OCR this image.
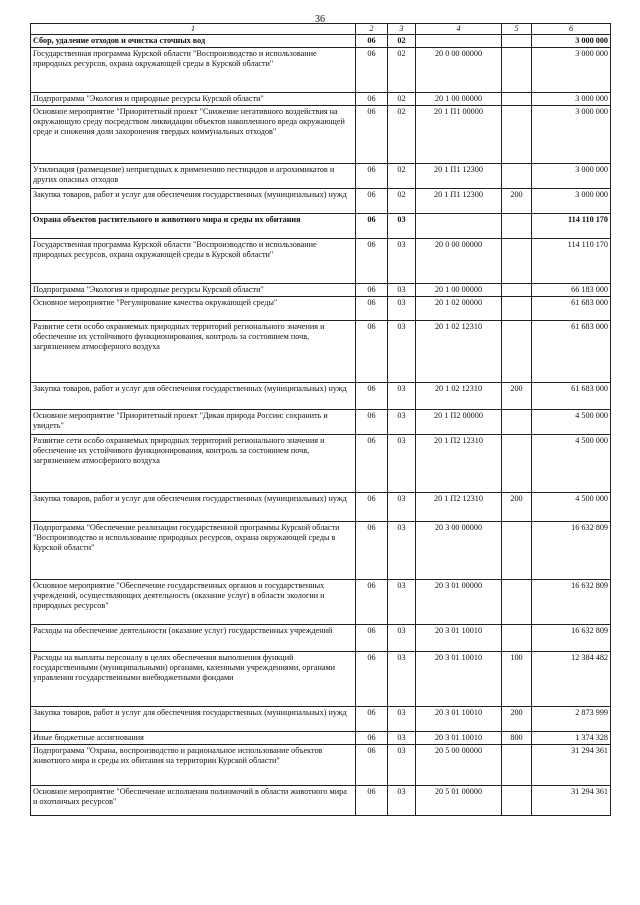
36
1	2	3	4	5	6
Сбор, удаление отходов и очистка сточных вод	06	02			3 000 000
Государственная программа Курской области "Воспроизводство и использование природных ресурсов, охрана окружающей среды в Курской области"	06	02	20 0 00 00000		3 000 000
Подпрограмма "Экология и природные ресурсы Курской области"	06	02	20 1 00 00000		3 000 000
Основное мероприятие "Приоритетный проект "Снижение негативного воздействия на окружающую среду посредством ликвидации объектов накопленного вреда окружающей среде и снижения доли захоронения твердых коммунальных отходов"	06	02	20 1 П1 00000		3 000 000
Утилизация (размещение) непригодных к применению пестицидов и агрохимикатов и других опасных отходов	06	02	20 1 П1 12300		3 000 000
Закупка товаров, работ и услуг для обеспечения государственных (муниципальных) нужд	06	02	20 1 П1 12300	200	3 000 000
Охрана объектов растительного и животного мира и среды их обитания	06	03			114 110 170
Государственная программа Курской области "Воспроизводство и использование природных ресурсов, охрана окружающей среды в Курской области"	06	03	20 0 00 00000		114 110 170
Подпрограмма "Экология и природные ресурсы Курской области"	06	03	20 1 00 00000		66 183 000
Основное мероприятие "Регулирование качества окружающей среды"	06	03	20 1 02 00000		61 683 000
Развитие сети особо охраняемых природных территорий регионального значения и обеспечение их устойчивого функционирования, контроль за состоянием почв, загрязнением атмосферного воздуха	06	03	20 1 02 12310		61 683 000
Закупка товаров, работ и услуг для обеспечения государственных (муниципальных) нужд	06	03	20 1 02 12310	200	61 683 000
Основное мероприятие "Приоритетный проект "Дикая природа России: сохранить и увидеть"	06	03	20 1 П2 00000		4 500 000
Развитие сети особо охраняемых природных территорий регионального значения и обеспечение их устойчивого функционирования, контроль за состоянием почв, загрязнением атмосферного воздуха	06	03	20 1 П2 12310		4 500 000
Закупка товаров, работ и услуг для обеспечения государственных (муниципальных) нужд	06	03	20 1 П2 12310	200	4 500 000
Подпрограмма "Обеспечение реализации государственной программы Курской области "Воспроизводство и использование природных ресурсов, охрана окружающей среды в Курской области"	06	03	20 3 00 00000		16 632 809
Основное мероприятие "Обеспечение государственных органов и государственных учреждений, осуществляющих деятельность (оказание услуг) в области экологии и природных ресурсов"	06	03	20 3 01 00000		16 632 809
Расходы на обеспечение деятельности (оказание услуг) государственных учреждений	06	03	20 3 01 10010		16 632 809
Расходы на выплаты персоналу в целях обеспечения выполнения функций государственными (муниципальными) органами, казенными учреждениями, органами управления государственными внебюджетными фондами	06	03	20 3 01 10010	100	12 384 482
Закупка товаров, работ и услуг для обеспечения государственных (муниципальных) нужд	06	03	20 3 01 10010	200	2 873 999
Иные бюджетные ассигнования	06	03	20 3 01 10010	800	1 374 328
Подпрограмма "Охрана, воспроизводство и рациональное использование объектов животного мира и среды их обитания на территории Курской области"	06	03	20 5 00 00000		31 294 361
Основное мероприятие "Обеспечение исполнения полномочий в области животного мира и охотничьих ресурсов"	06	03	20 5 01 00000		31 294 361
